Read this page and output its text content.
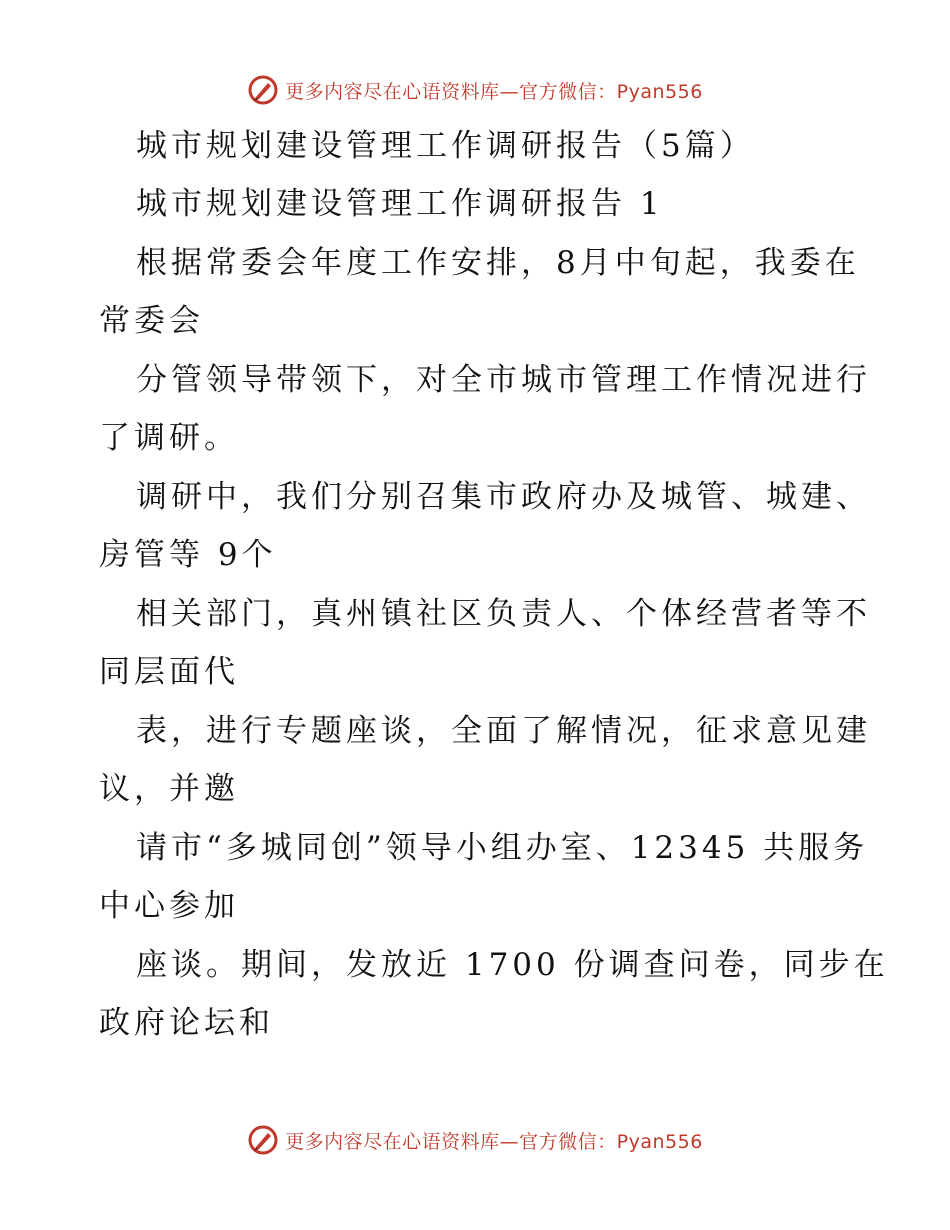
更多内容尽在心语资料库—官方微信：Pyan556
城市规划建设管理工作调研报告（5篇）
城市规划建设管理工作调研报告 1
根据常委会年度工作安排，8月中旬起，我委在
常委会
分管领导带领下，对全市城市管理工作情况进行
了调研。
调研中，我们分别召集市政府办及城管、城建、
房管等 9个
相关部门，真州镇社区负责人、个体经营者等不
同层面代
表，进行专题座谈，全面了解情况，征求意见建
议，并邀
请市“多城同创”领导小组办室、12345 共服务
中心参加
座谈。期间，发放近 1700 份调查问卷，同步在
政府论坛和
更多内容尽在心语资料库—官方微信：Pyan556
